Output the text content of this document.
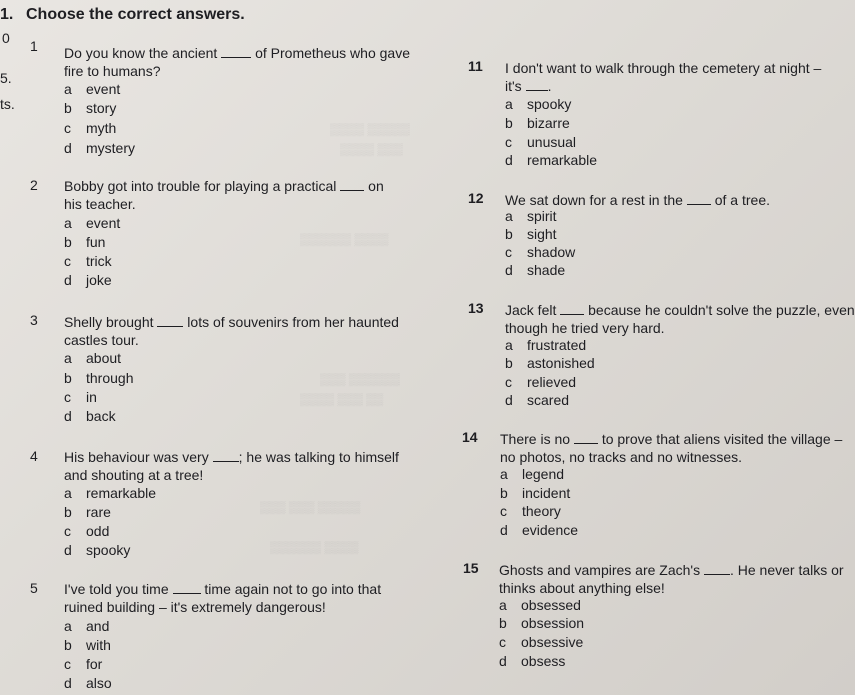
▒▒▒▒ ▒▒▒▒▒
▒▒▒▒ ▒▒▒
▒▒▒▒▒▒ ▒▒▒▒
▒▒▒ ▒▒▒▒▒▒
▒▒▒▒ ▒▒▒ ▒▒
▒▒▒ ▒▒▒ ▒▒▒▒▒
▒▒▒▒▒▒ ▒▒▒▒
1. Choose the correct answers.
0
5.
ts.
1 Do you know the ancient	of Prometheus who gave
fire to humans?
a event
b story
c myth
d mystery
2 Bobby got into trouble for playing a practical on
his teacher.
a event
b fun
c trick
d joke
3 Shelly brought lots of souvenirs from her haunted
castles tour.
a about
b through
c in
d back
4 His behaviour was very ; he was talking to himself
and shouting at a tree!
a remarkable
b rare
c odd
d spooky
5 I've told you time	time again not to go into that
ruined building – it's extremely dangerous!
a and
b with
c for
d also
11 I don't want to walk through the cemetery at night –
it's .
a spooky
b bizarre
c unusual
d remarkable
12 We sat down for a rest in the of a tree.
a spirit
b sight
c shadow
d shade
13 Jack felt because he couldn't solve the puzzle, even
though he tried very hard.
a frustrated
b astonished
c relieved
d scared
14 There is no to prove that aliens visited the village –
no photos, no tracks and no witnesses.
a legend
b incident
c theory
d evidence
15 Ghosts and vampires are Zach's . He never talks or
thinks about anything else!
a obsessed
b obsession
c obsessive
d obsess
